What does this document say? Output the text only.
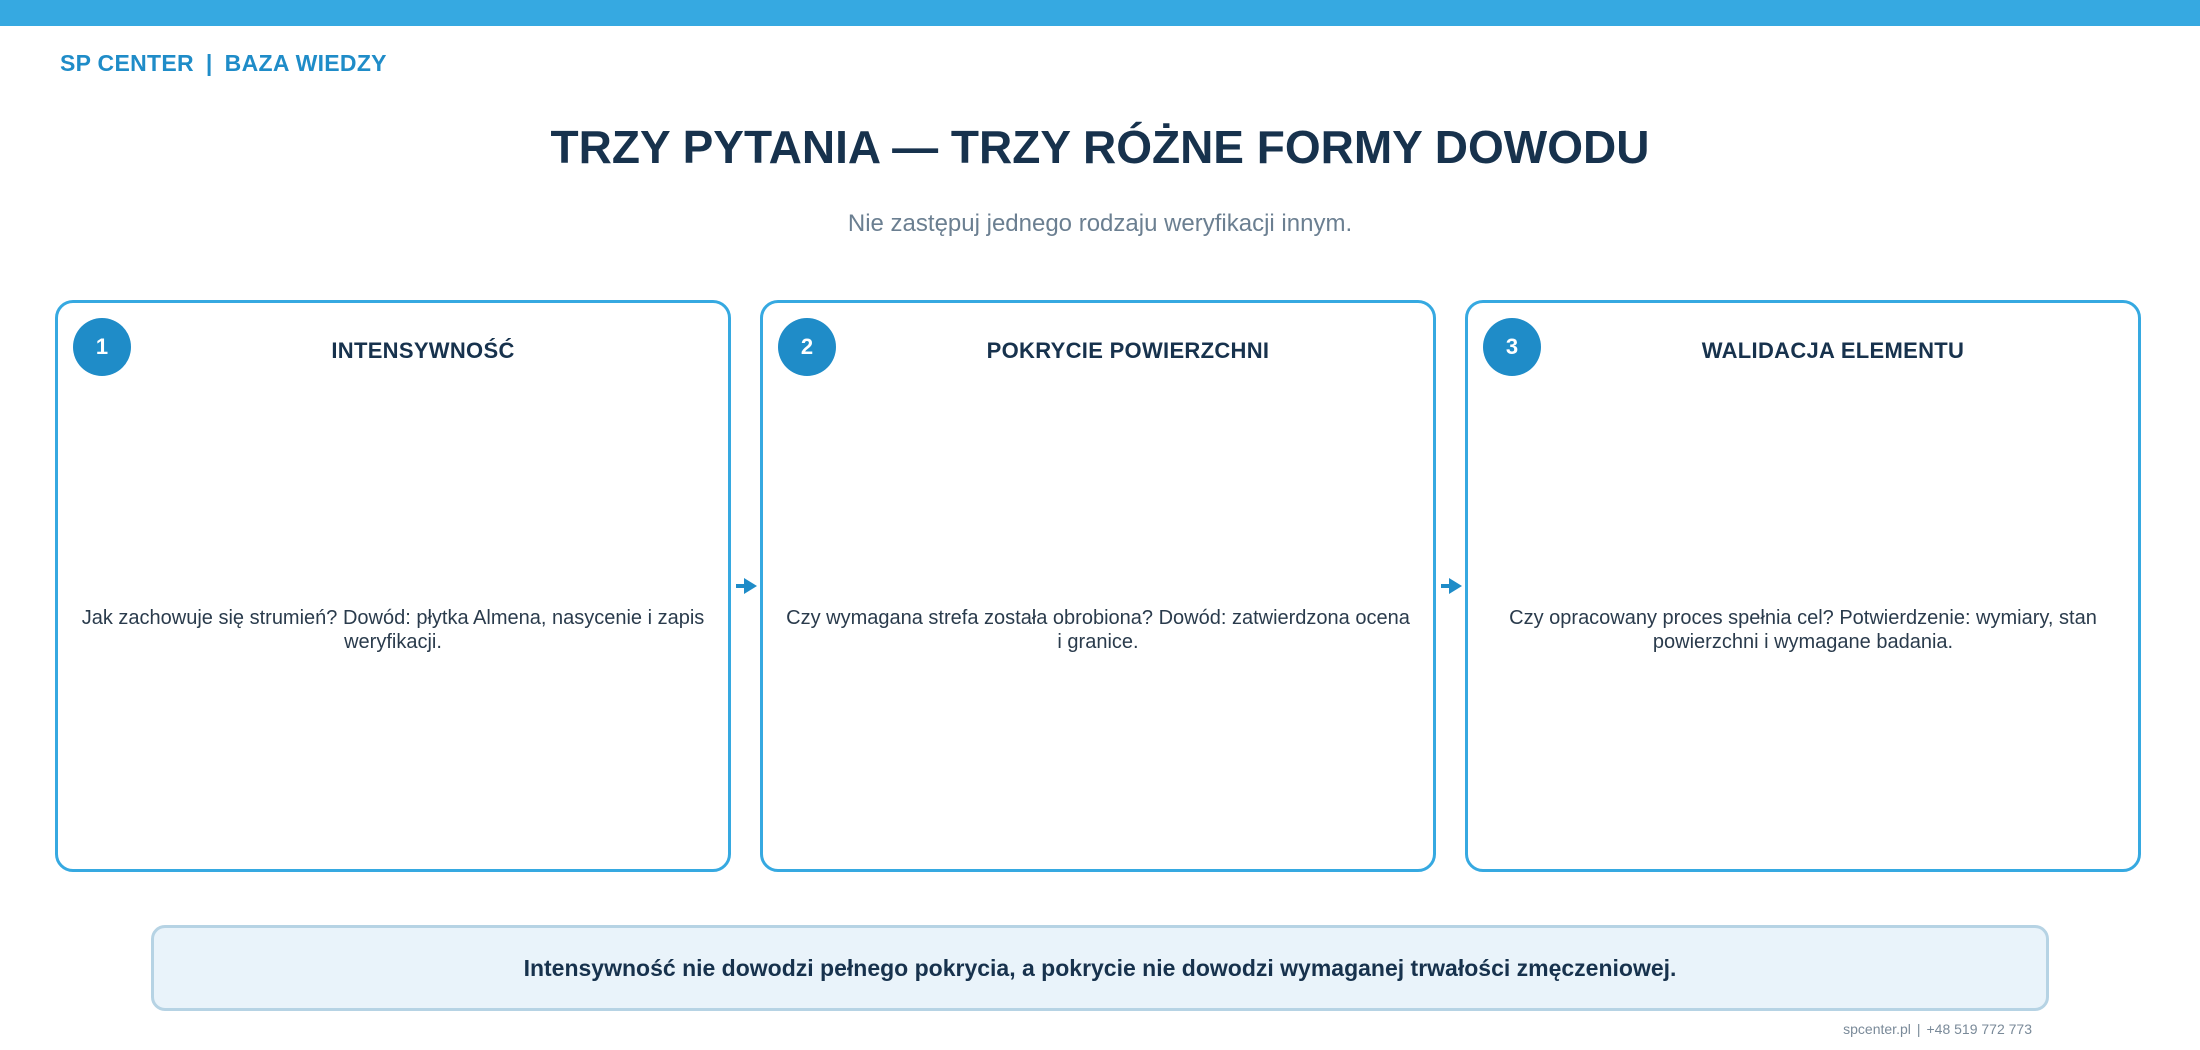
SP CENTER | BAZA WIEDZY
TRZY PYTANIA — TRZY RÓŻNE FORMY DOWODU
Nie zastępuj jednego rodzaju weryfikacji innym.
1	INTENSYWNOŚĆ
Jak zachowuje się strumień? Dowód: płytka Almena, nasycenie i zapis weryfikacji.
2	POKRYCIE POWIERZCHNI
Czy wymagana strefa została obrobiona? Dowód: zatwierdzona ocena i granice.
3	WALIDACJA ELEMENTU
Czy opracowany proces spełnia cel? Potwierdzenie: wymiary, stan powierzchni i wymagane badania.
Intensywność nie dowodzi pełnego pokrycia, a pokrycie nie dowodzi wymaganej trwałości zmęczeniowej.
spcenter.pl | +48 519 772 773
